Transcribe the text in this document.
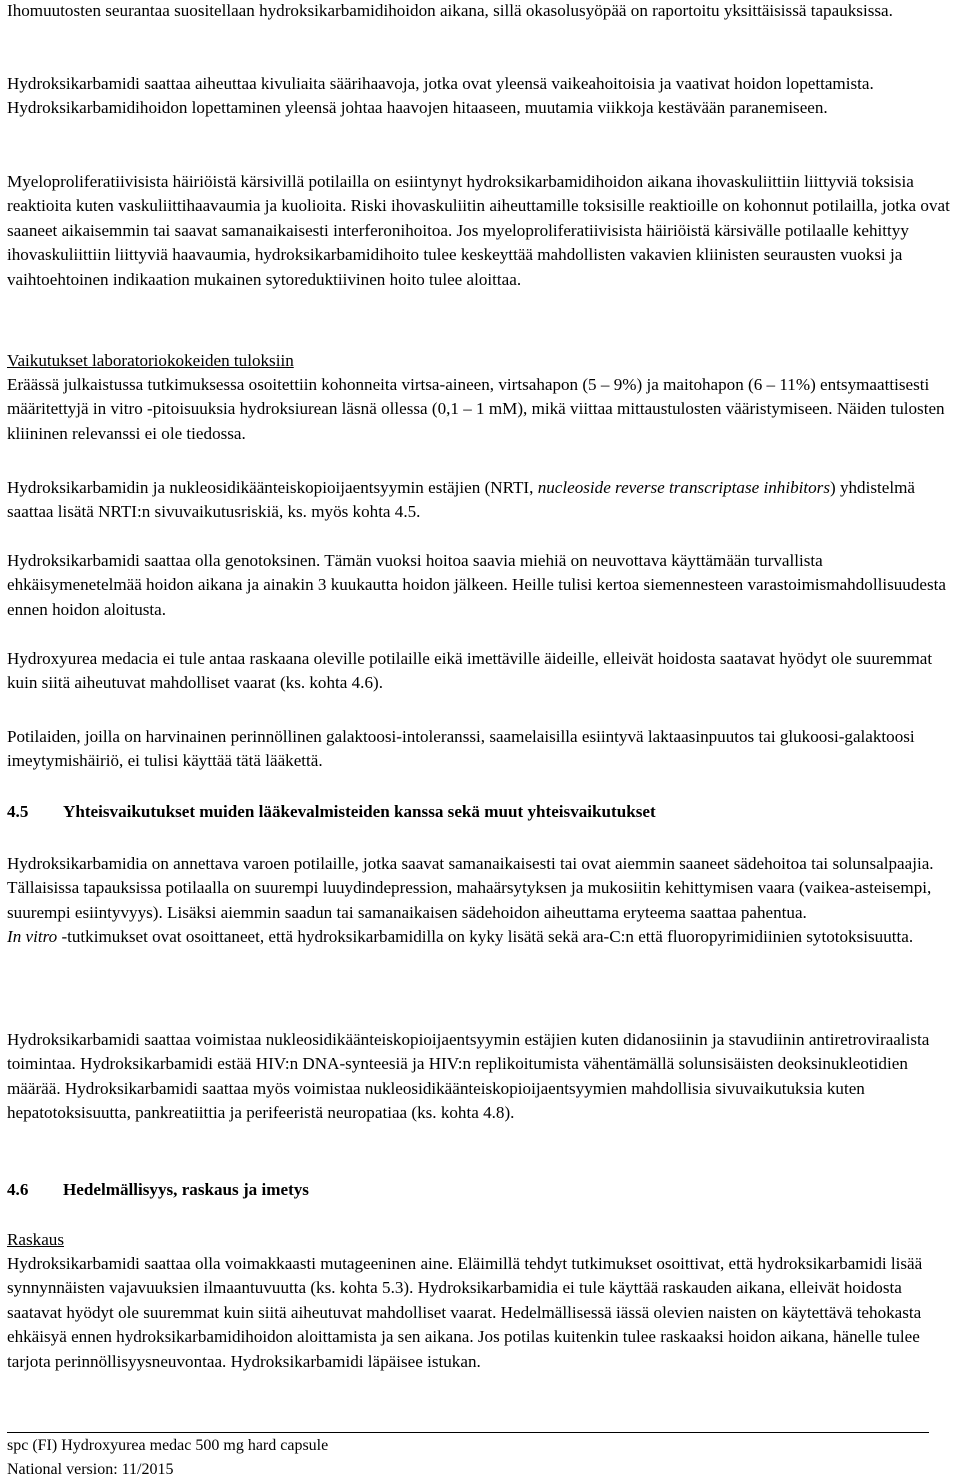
Ihomuutosten seurantaa suositellaan hydroksikarbamidihoidon aikana, sillä okasolusyöpää on raportoitu yksittäisissä tapauksissa.

Hydroksikarbamidi saattaa aiheuttaa kivuliaita säärihaavoja, jotka ovat yleensä vaikeahoitoisia ja vaativat hoidon lopettamista. Hydroksikarbamidihoidon lopettaminen yleensä johtaa haavojen hitaaseen, muutamia viikkoja kestävään paranemiseen.

Myeloproliferatiivisista häiriöistä kärsivillä potilailla on esiintynyt hydroksikarbamidihoidon aikana ihovaskuliittiin liittyviä toksisia reaktioita kuten vaskuliittihaavaumia ja kuolioita. Riski ihovaskuliitin aiheuttamille toksisille reaktioille on kohonnut potilailla, jotka ovat saaneet aikaisemmin tai saavat samanaikaisesti interferonihoitoa. Jos myeloproliferatiivisista häiriöistä kärsivälle potilaalle kehittyy ihovaskuliittiin liittyviä haavaumia, hydroksikarbamidihoito tulee keskeyttää mahdollisten vakavien kliinisten seurausten vuoksi ja vaihtoehtoinen indikaation mukainen sytoreduktiivinen hoito tulee aloittaa.

Vaikutukset laboratoriokokeiden tuloksiin

Eräässä julkaistussa tutkimuksessa osoitettiin kohonneita virtsa-aineen, virtsahapon (5 – 9%) ja maitohapon (6 – 11%) entsymaattisesti määritettyjä in vitro -pitoisuuksia hydroksiurean läsnä ollessa (0,1 – 1 mM), mikä viittaa mittaustulosten vääristymiseen. Näiden tulosten kliininen relevanssi ei ole tiedossa.

Hydroksikarbamidin ja nukleosidikäänteiskopioijaentsyymin estäjien (NRTI, nucleoside reverse transcriptase inhibitors) yhdistelmä saattaa lisätä NRTI:n sivuvaikutusriskiä, ks. myös kohta 4.5.

Hydroksikarbamidi saattaa olla genotoksinen. Tämän vuoksi hoitoa saavia miehiä on neuvottava käyttämään turvallista ehkäisymenetelmää hoidon aikana ja ainakin 3 kuukautta hoidon jälkeen. Heille tulisi kertoa siemennesteen varastoimismahdollisuudesta ennen hoidon aloitusta.

Hydroxyurea medacia ei tule antaa raskaana oleville potilaille eikä imettäville äideille, elleivät hoidosta saatavat hyödyt ole suuremmat kuin siitä aiheutuvat mahdolliset vaarat (ks. kohta 4.6).

Potilaiden, joilla on harvinainen perinnöllinen galaktoosi-intoleranssi, saamelaisilla esiintyvä laktaasinpuutos tai glukoosi-galaktoosi imeytymishäiriö, ei tulisi käyttää tätä lääkettä.

4.5	Yhteisvaikutukset muiden lääkevalmisteiden kanssa sekä muut yhteisvaikutukset

Hydroksikarbamidia on annettava varoen potilaille, jotka saavat samanaikaisesti tai ovat aiemmin saaneet sädehoitoa tai solunsalpaajia. Tällaisissa tapauksissa potilaalla on suurempi luuydindepression, mahaärsytyksen ja mukosiitin kehittymisen vaara (vaikea-asteisempi, suurempi esiintyvyys). Lisäksi aiemmin saadun tai samanaikaisen sädehoidon aiheuttama eryteema saattaa pahentua.
In vitro -tutkimukset ovat osoittaneet, että hydroksikarbamidilla on kyky lisätä sekä ara-C:n että fluoropyrimidiinien sytotoksisuutta.

Hydroksikarbamidi saattaa voimistaa nukleosidikäänteiskopioijaentsyymin estäjien kuten didanosiinin ja stavudiinin antiretroviraalista toimintaa. Hydroksikarbamidi estää HIV:n DNA-synteesiä ja HIV:n replikoitumista vähentämällä solunsisäisten deoksinukleotidien määrää. Hydroksikarbamidi saattaa myös voimistaa nukleosidikäänteiskopioijaentsyymien mahdollisia sivuvaikutuksia kuten hepatotoksisuutta, pankreatiittia ja perifeeristä neuropatiaa (ks. kohta 4.8).

4.6	Hedelmällisyys, raskaus ja imetys

Raskaus

Hydroksikarbamidi saattaa olla voimakkaasti mutageeninen aine. Eläimillä tehdyt tutkimukset osoittivat, että hydroksikarbamidi lisää synnynnäisten vajavuuksien ilmaantuvuutta (ks. kohta 5.3). Hydroksikarbamidia ei tule käyttää raskauden aikana, elleivät hoidosta saatavat hyödyt ole suuremmat kuin siitä aiheutuvat mahdolliset vaarat. Hedelmällisessä iässä olevien naisten on käytettävä tehokasta ehkäisyä ennen hydroksikarbamidihoidon aloittamista ja sen aikana. Jos potilas kuitenkin tulee raskaaksi hoidon aikana, hänelle tulee tarjota perinnöllisyysneuvontaa. Hydroksikarbamidi läpäisee istukan.

spc (FI) Hydroxyurea medac 500 mg hard capsule
National version: 11/2015
